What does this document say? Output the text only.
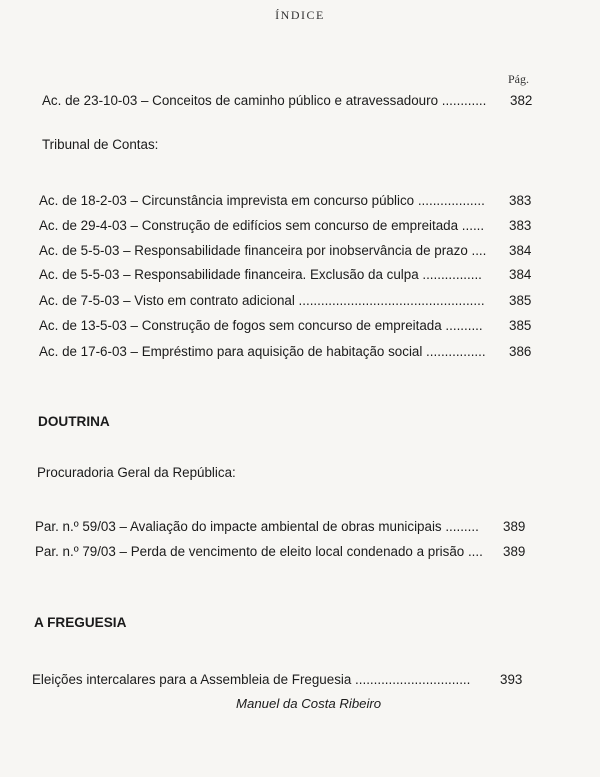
ÍNDICE
Pág.
Ac. de 23-10-03 – Conceitos de caminho público e atravessadouro ............ 382
Tribunal de Contas:
Ac. de 18-2-03 – Circunstância imprevista em concurso público .................. 383
Ac. de 29-4-03 – Construção de edifícios sem concurso de empreitada ...... 383
Ac. de 5-5-03 – Responsabilidade financeira por inobservância de prazo .... 384
Ac. de 5-5-03 – Responsabilidade financeira. Exclusão da culpa ................ 384
Ac. de 7-5-03 – Visto em contrato adicional .................................................. 385
Ac. de 13-5-03 – Construção de fogos sem concurso de empreitada .......... 385
Ac. de 17-6-03 – Empréstimo para aquisição de habitação social ................ 386
DOUTRINA
Procuradoria Geral da República:
Par. n.º 59/03 – Avaliação do impacte ambiental de obras municipais ......... 389
Par. n.º 79/03 – Perda de vencimento de eleito local condenado a prisão .... 389
A FREGUESIA
Eleições intercalares para a Assembleia de Freguesia ............................... 393
Manuel da Costa Ribeiro
